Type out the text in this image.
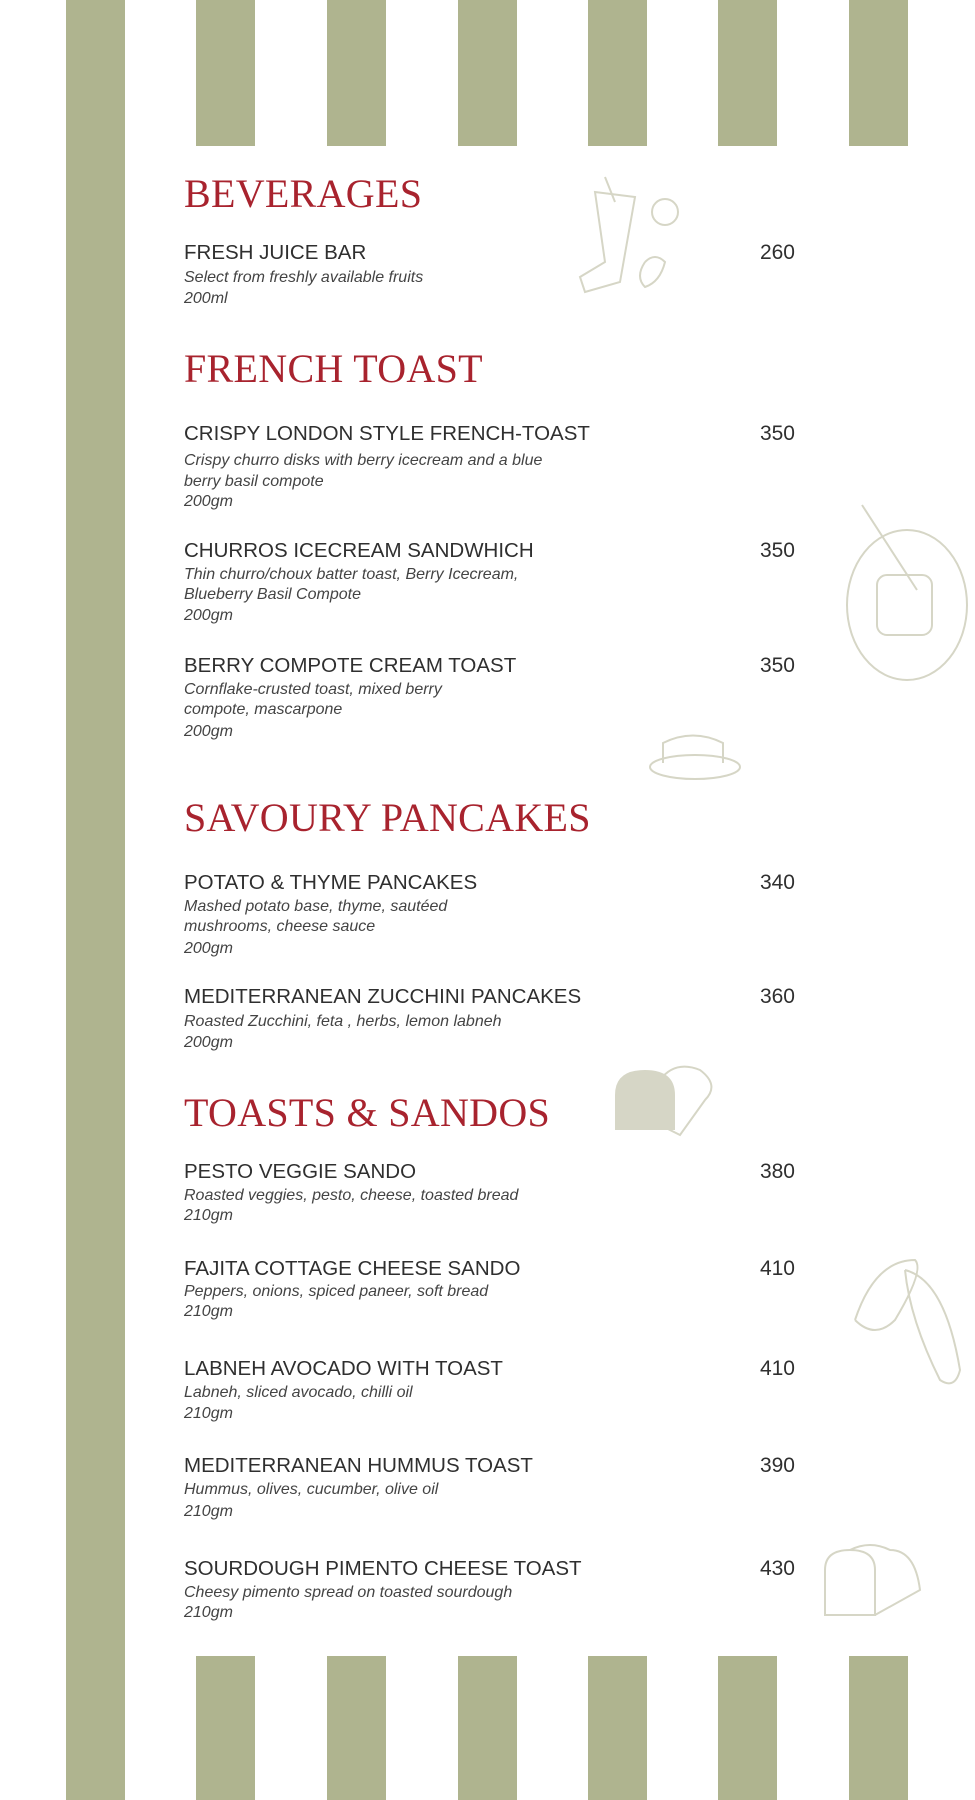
BEVERAGES
FRESH JUICE BAR	260
Select from freshly available fruits
200ml
FRENCH TOAST
CRISPY LONDON STYLE FRENCH-TOAST	350
Crispy churro disks with berry icecream and a blue
berry basil compote
200gm
CHURROS ICECREAM SANDWHICH	350
Thin churro/choux batter toast, Berry Icecream,
Blueberry Basil Compote
200gm
BERRY COMPOTE CREAM TOAST	350
Cornflake-crusted toast, mixed berry
compote, mascarpone
200gm
SAVOURY PANCAKES
POTATO & THYME PANCAKES	340
Mashed potato base, thyme, sautéed
mushrooms, cheese sauce
200gm
MEDITERRANEAN ZUCCHINI PANCAKES	360
Roasted Zucchini, feta , herbs, lemon labneh
200gm
TOASTS & SANDOS
PESTO VEGGIE SANDO	380
Roasted veggies, pesto, cheese, toasted bread
210gm
FAJITA COTTAGE CHEESE SANDO	410
Peppers, onions, spiced paneer, soft bread
210gm
LABNEH AVOCADO WITH TOAST	410
Labneh, sliced avocado, chilli oil
210gm
MEDITERRANEAN HUMMUS TOAST	390
Hummus, olives, cucumber, olive oil
210gm
SOURDOUGH PIMENTO CHEESE TOAST	430
Cheesy pimento spread on toasted sourdough
210gm
